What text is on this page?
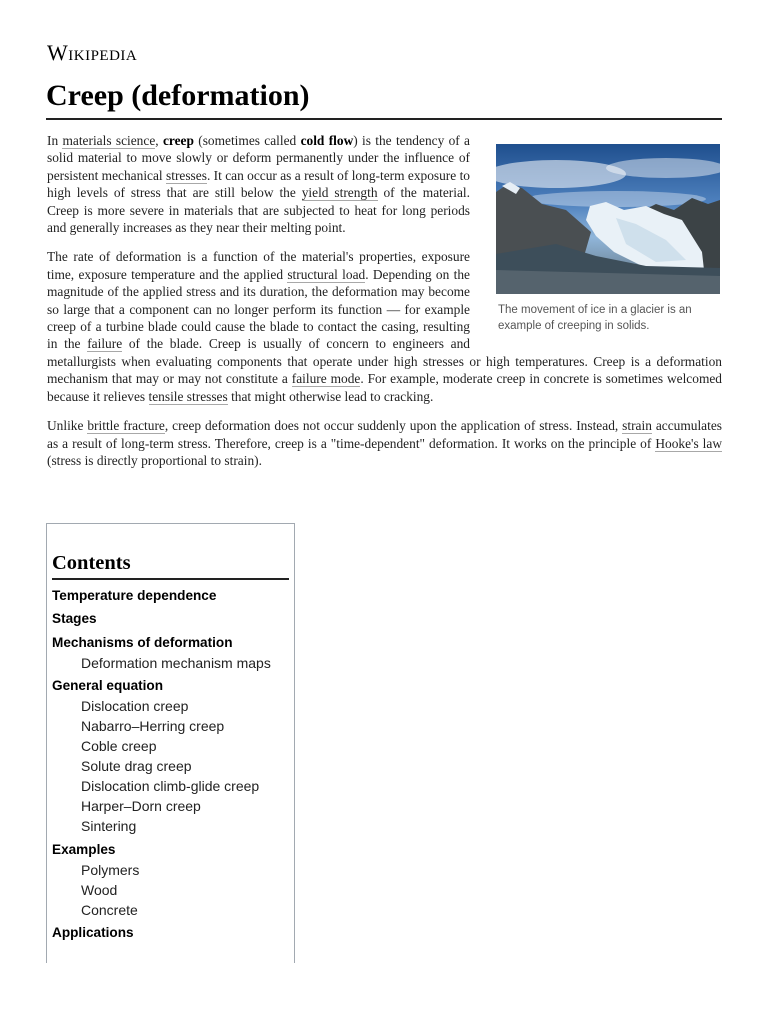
Wikipedia
Creep (deformation)
The movement of ice in a glacier is an example of creeping in solids.

In materials science, creep (sometimes called cold flow) is the tendency of a solid material to move slowly or deform permanently under the influence of persistent mechanical stresses. It can occur as a result of long-term exposure to high levels of stress that are still below the yield strength of the material. Creep is more severe in materials that are subjected to heat for long periods and generally increases as they near their melting point.

The rate of deformation is a function of the material's properties, exposure time, exposure temperature and the applied structural load. Depending on the magnitude of the applied stress and its duration, the deformation may become so large that a component can no longer perform its function — for example creep of a turbine blade could cause the blade to contact the casing, resulting in the failure of the blade. Creep is usually of concern to engineers and metallurgists when evaluating components that operate under high stresses or high temperatures. Creep is a deformation mechanism that may or may not constitute a failure mode. For example, moderate creep in concrete is sometimes welcomed because it relieves tensile stresses that might otherwise lead to cracking.

Unlike brittle fracture, creep deformation does not occur suddenly upon the application of stress. Instead, strain accumulates as a result of long-term stress. Therefore, creep is a "time-dependent" deformation. It works on the principle of Hooke's law (stress is directly proportional to strain).

Contents
Temperature dependence
Stages
Mechanisms of deformation
Deformation mechanism maps
General equation
Dislocation creep
Nabarro–Herring creep
Coble creep
Solute drag creep
Dislocation climb-glide creep
Harper–Dorn creep
Sintering
Examples
Polymers
Wood
Concrete
Applications
